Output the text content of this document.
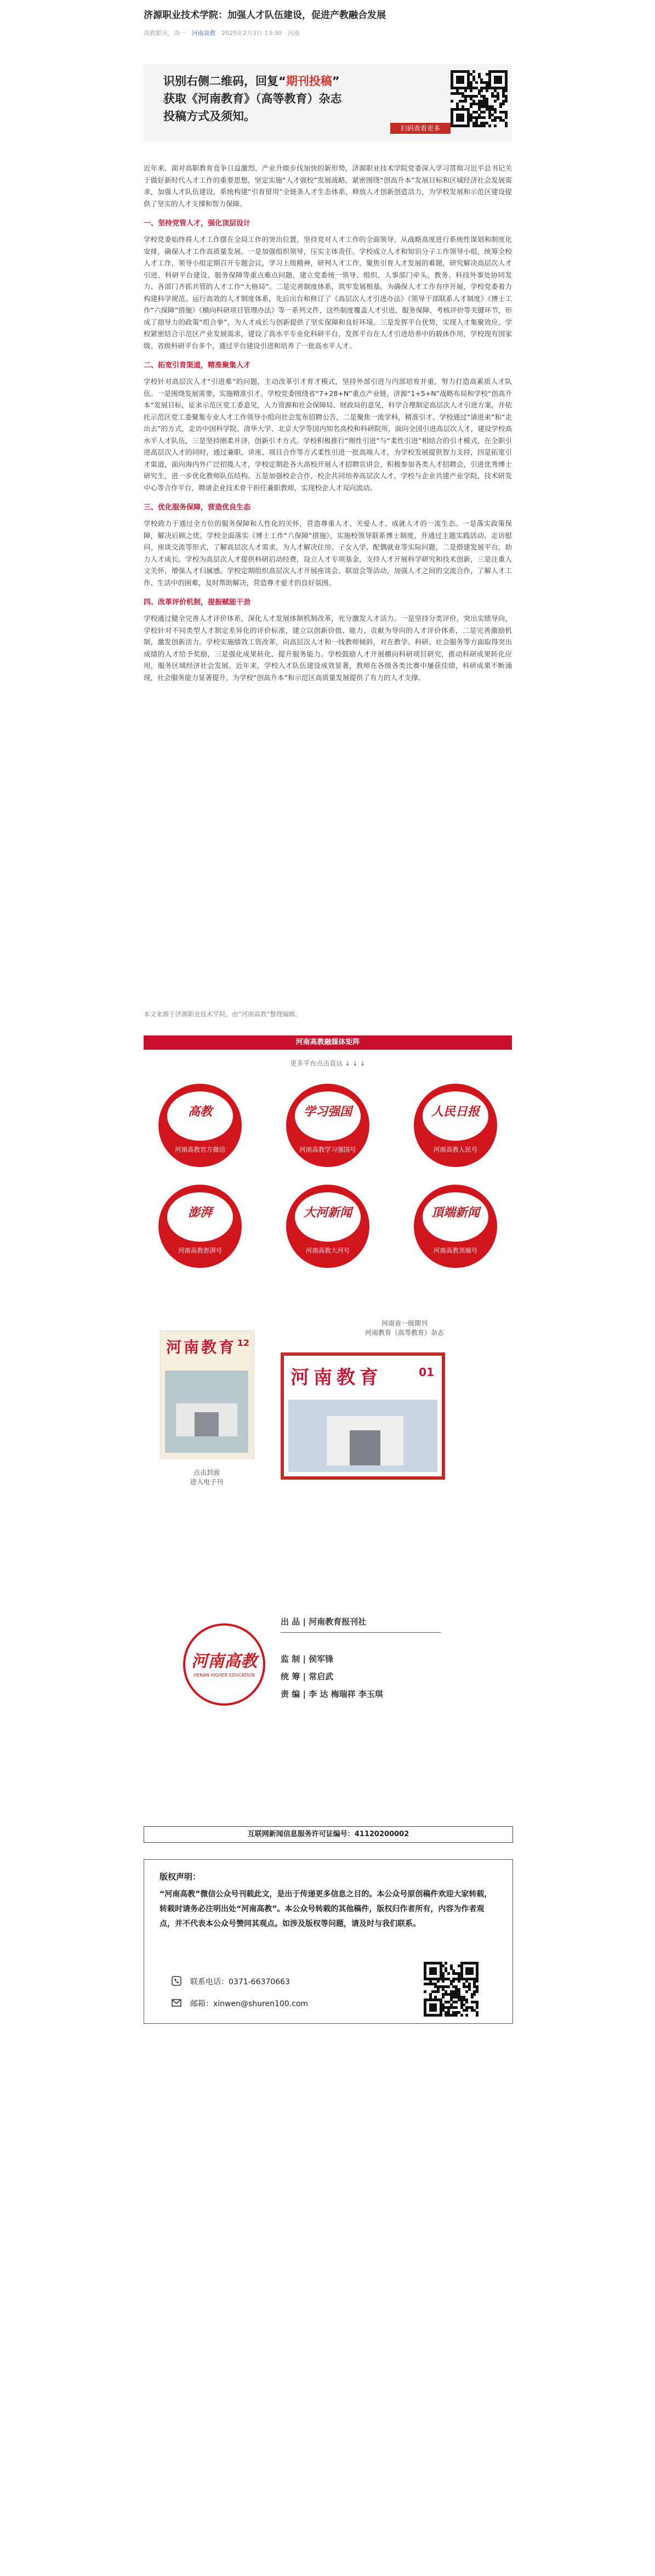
济源职业技术学院：加强人才队伍建设，促进产教融合发展
高教影讯，高一 河南高教 2025年2月3日 13:30 河南
识别右侧二维码，回复“期刊投稿”
获取《河南教育》（高等教育）杂志
投稿方式及须知。
扫码查看更多

近年来，面对高职教育竞争日益激烈、产业升级步伐加快的新形势，济源职业技术学院党委深入学习贯彻习近平总书记关于做好新时代人才工作的重要思想，坚定实施“人才强校”发展战略，紧密围绕“创高升本”发展目标和区域经济社会发展需求，加强人才队伍建设，系统构建“引育留用”全链条人才生态体系，释放人才创新创造活力，为学校发展和示范区建设提供了坚实的人才支撑和智力保障。

一、坚持党管人才，强化顶层设计

学校党委始终将人才工作摆在全局工作的突出位置，坚持党对人才工作的全面领导，从战略高度进行系统性谋划和制度化安排，确保人才工作高质量发展。一是加强组织领导，压实主体责任。学校成立人才和知识分子工作领导小组，统筹全校人才工作，领导小组定期召开专题会议，学习上级精神，研判人才工作，聚焦引育人才发展的难题，研究解决高层次人才引进、科研平台建设、服务保障等重点难点问题，建立党委统一领导、组织、人事部门牵头、教务、科技外事处协同发力、各部门齐抓共管的人才工作“大格局”。二是完善制度体系，筑牢发展根基。为确保人才工作有序开展，学校党委着力构建科学规范、运行高效的人才制度体系，先后出台和修订了《高层次人才引进办法》《领导干部联系人才制度》《博士工作“六保障”措施》《横向科研项目管理办法》等一系列文件，这些制度覆盖人才引进、服务保障、考核评价等关键环节，形成了指导力的政策“组合拳”，为人才成长与创新提供了坚实保障和良好环境。三是发挥平台优势，实现人才集聚效应。学校紧密结合示范区产业发展需求，建设了高水平专业化科研平台，发挥平台在人才引进培养中的载体作用，学校现有国家级、省级科研平台多个，通过平台建设引进和培养了一批高水平人才。

二、拓宽引育渠道，精准聚集人才

学校针对高层次人才“引进难”的问题，主动改革引才育才模式，坚持外部引进与内部培育并重，努力打造高素质人才队伍。一是围绕发展需要，实施精准引才。学校党委围绕省“7+28+N”重点产业链，济源“1+5+N”战略布局和学校“创高升本”发展目标，征求示范区党工委意见，人力资源和社会保障局、财政局的意见，科学合理制定高层次人才引进方案，并依托示范区党工委聚集专业人才工作领导小组向社会发布招聘公告，二是聚焦一流学科，精准引才。学校通过“请进来”和“走出去”的方式，走访中国科学院、清华大学、北京大学等国内知名高校和科研院所，面向全国引进高层次人才，建设学校高水平人才队伍，三是坚持刚柔并济，创新引才方式。学校积极推行“刚性引进”与“柔性引进”相结合的引才模式，在全职引进高层次人才的同时，通过兼职、讲座、项目合作等方式柔性引进一批高端人才，为学校发展提供智力支持，四是拓宽引才渠道，面向海内外广泛招揽人才，学校定期赴各大高校开展人才招聘宣讲会，积极参加各类人才招聘会，引进优秀博士研究生，进一步优化教师队伍结构。五是加强校企合作，校企共同培养高层次人才，学校与企业共建产业学院、技术研发中心等合作平台，聘请企业技术骨干担任兼职教师，实现校企人才双向流动。

三、优化服务保障，营造优良生态

学校致力于通过全方位的服务保障和人性化的关怀，营造尊重人才、关爱人才、成就人才的一流生态。一是落实政策保障，解决后顾之忧。学校全面落实《博士工作“六保障”措施》，实施校领导联系博士制度，并通过主题实践活动、走访慰问、座谈交流等形式，了解高层次人才需求，为人才解决住房、子女入学、配偶就业等实际问题，二是搭建发展平台，助力人才成长。学校为高层次人才提供科研启动经费，设立人才专项基金，支持人才开展科学研究和技术创新，三是注重人文关怀，增强人才归属感。学校定期组织高层次人才开展座谈会、联谊会等活动，加强人才之间的交流合作，了解人才工作、生活中的困难，及时帮助解决，营造尊才爱才的良好氛围。

四、改革评价机制，提振赋能干劲

学校通过健全完善人才评价体系，深化人才发展体制机制改革，充分激发人才活力。一是坚持分类评价，突出实绩导向，学校针对不同类型人才制定差异化的评价标准，建立以创新价值、能力、贡献为导向的人才评价体系，二是完善激励机制，激发创新活力。学校实施绩效工资改革，向高层次人才和一线教师倾斜，对在教学、科研、社会服务等方面取得突出成绩的人才给予奖励，三是强化成果转化，提升服务能力。学校鼓励人才开展横向科研项目研究，推动科研成果转化应用，服务区域经济社会发展。近年来，学校人才队伍建设成效显著，教师在各级各类比赛中屡获佳绩，科研成果不断涌现，社会服务能力显著提升，为学校“创高升本”和示范区高质量发展提供了有力的人才支撑。

本文来源于济源职业技术学院，由“河南高教”整理编辑。
河南高教融媒体矩阵
更多平台点击直达 ↓ ↓ ↓
高教
河南高教官方微信
学习强国
河南高教学习强国号
人民日报
河南高教人民号
澎湃
河南高教澎湃号
大河新闻
河南高教大河号
頂端新闻
河南高教顶端号
河南省一级期刊
河南教育（高等教育）杂志
河南教育 12
河南教育	01
点击封面
进入电子刊
河南高教
HENAN HIGHER EDUCATION
出 品 | 河南教育报刊社
监 制 | 侯军锋
统 筹 | 常启武
责 编 | 李 达 梅瑞祥 李玉琪
互联网新闻信息服务许可证编号：41120200002
版权声明：

“河南高教”微信公众号刊载此文，是出于传递更多信息之目的。本公众号原创稿件欢迎大家转载，转载时请务必注明出处“河南高教”。本公众号转载的其他稿件，版权归作者所有，内容为作者观点，并不代表本公众号赞同其观点。如涉及版权等问题，请及时与我们联系。

联系电话：0371-66370663
邮箱：xinwen@shuren100.com
